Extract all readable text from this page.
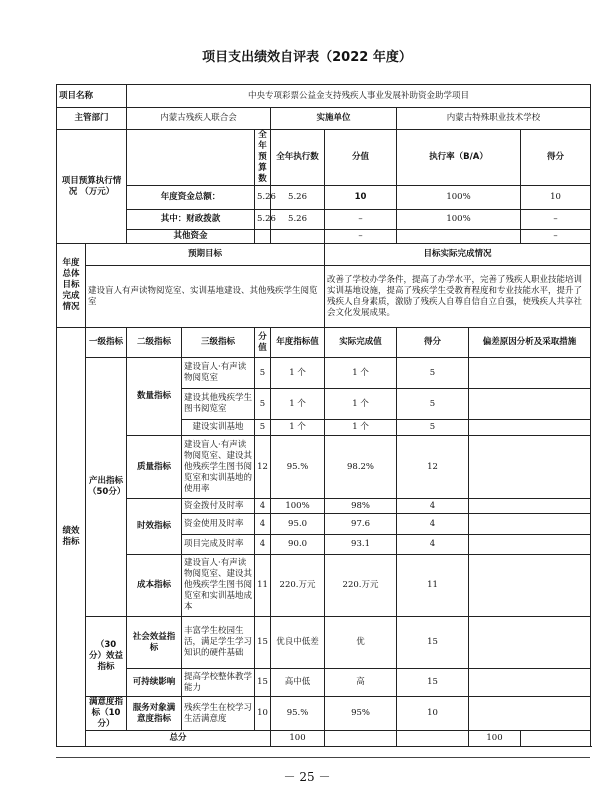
项目支出绩效自评表（2022 年度）
项目名称		中央专项彩票公益金支持残疾人事业发展补助资金助学项目							
主管部门		内蒙古残疾人联合会			实施单位		内蒙古特殊职业技术学校		
项目预算执行情况 （万元）				全年预算数	全年执行数	分值	执行率（B/A）		得分
		年度资金总额：		5.26	5.26	10	100%		10
		其中：财政拨款		5.26	5.26	–	100%		–
		其他资金				–			–
年度总体目标完成情况	预期目标					目标实际完成情况			
	建设盲人有声读物阅览室、实训基地建设、其他残疾学生阅览室					改善了学校办学条件，提高了办学水平，完善了残疾人职业技能培训实训基地设施，提高了残疾学生受教育程度和专业技能水平，提升了残疾人自身素质，激励了残疾人自尊自信自立自强，使残疾人共享社会文化发展成果。			
绩效指标	一级指标	二级指标	三级指标	分值	年度指标值	实际完成值	得分	偏差原因分析及采取措施	
	产出指标 （50分）	数量指标	建设盲人·有声读物阅览室	5	1 个	1 个	5		
			建设其他残疾学生图书阅览室	5	1 个	1 个	5		
			建设实训基地	5	1 个	1 个	5		
		质量指标	建设盲人·有声读物阅览室、建设其他残疾学生图书阅览室和实训基地的使用率	12	95.%	98.2%	12		
		时效指标	资金拨付及时率	4	100%	98%	4		
			资金使用及时率	4	95.0	97.6	4		
			项目完成及时率	4	90.0	93.1	4		
		成本指标	建设盲人·有声读物阅览室、建设其他残疾学生图书阅览室和实训基地成本	11	220.万元	220.万元	11		
	（30 分）效益指标	社会效益指标	丰富学生校园生活，满足学生学习知识的硬件基础	15	优良中低差	优	15		
		可持续影响	提高学校整体教学能力	15	高中低	高	15		
	满意度指标（10 分）	服务对象满意度指标	残疾学生在校学习生活满意度	10	95.%	95%	10		
	总分				100			100	
－ 25 －
